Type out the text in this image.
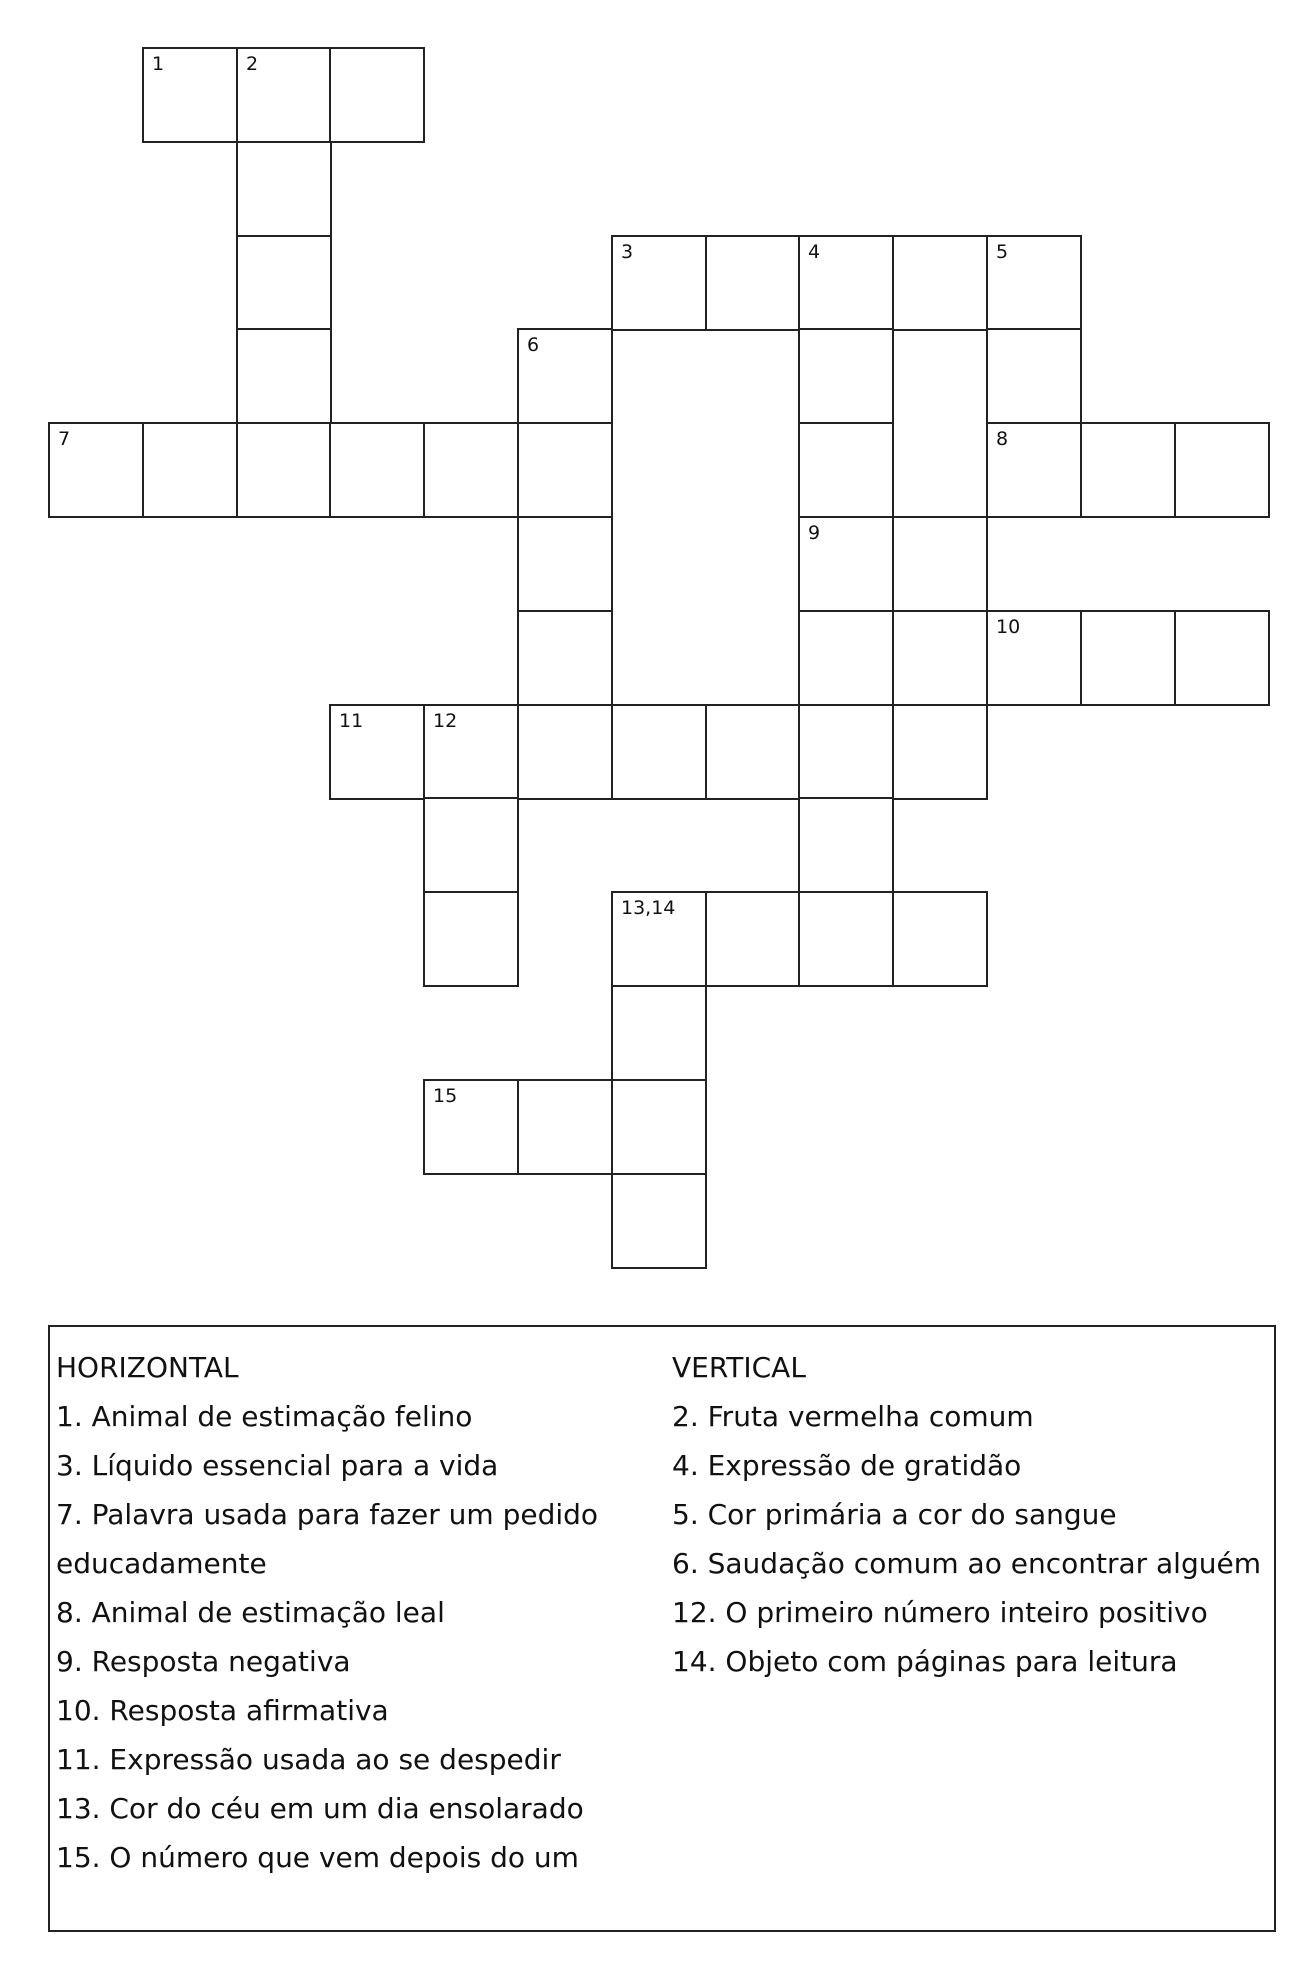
1	2
3	4	5
6
7	8
9
10
11	12
13,14
15
HORIZONTAL
1. Animal de estimação felino
3. Líquido essencial para a vida
7. Palavra usada para fazer um pedido
educadamente
8. Animal de estimação leal
9. Resposta negativa
10. Resposta afirmativa
11. Expressão usada ao se despedir
13. Cor do céu em um dia ensolarado
15. O número que vem depois do um
VERTICAL
2. Fruta vermelha comum
4. Expressão de gratidão
5. Cor primária a cor do sangue
6. Saudação comum ao encontrar alguém
12. O primeiro número inteiro positivo
14. Objeto com páginas para leitura
